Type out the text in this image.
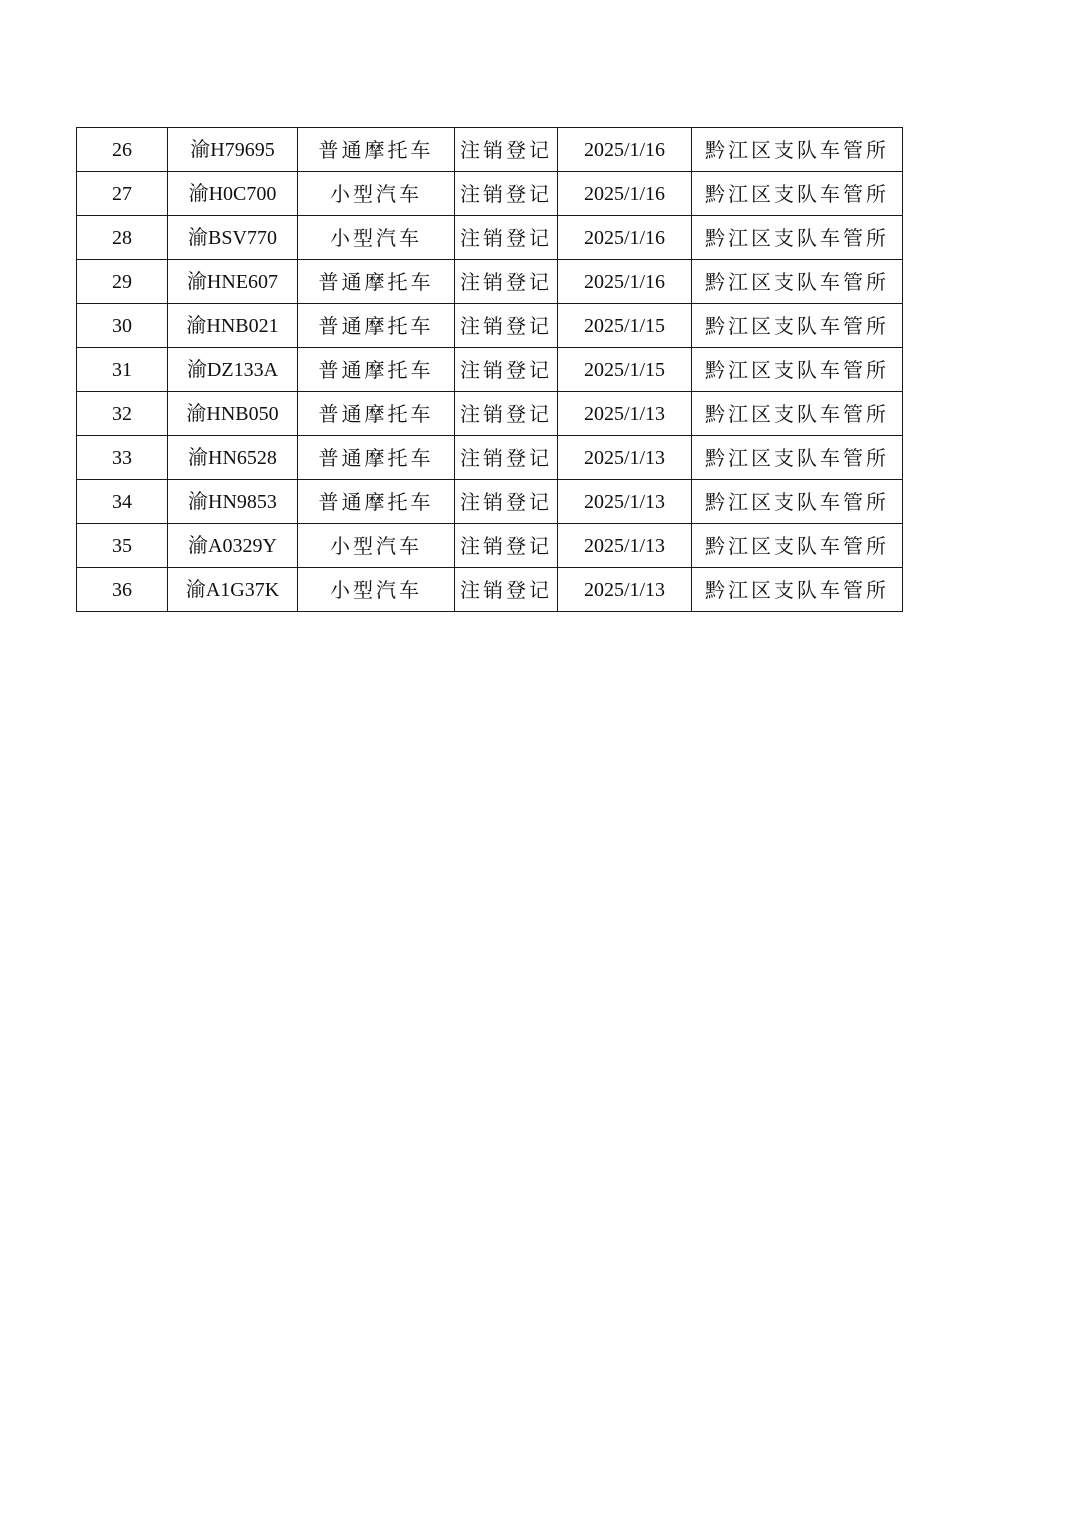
26	渝H79695	普通摩托车	注销登记	2025/1/16	黔江区支队车管所
27	渝H0C700	小型汽车	注销登记	2025/1/16	黔江区支队车管所
28	渝BSV770	小型汽车	注销登记	2025/1/16	黔江区支队车管所
29	渝HNE607	普通摩托车	注销登记	2025/1/16	黔江区支队车管所
30	渝HNB021	普通摩托车	注销登记	2025/1/15	黔江区支队车管所
31	渝DZ133A	普通摩托车	注销登记	2025/1/15	黔江区支队车管所
32	渝HNB050	普通摩托车	注销登记	2025/1/13	黔江区支队车管所
33	渝HN6528	普通摩托车	注销登记	2025/1/13	黔江区支队车管所
34	渝HN9853	普通摩托车	注销登记	2025/1/13	黔江区支队车管所
35	渝A0329Y	小型汽车	注销登记	2025/1/13	黔江区支队车管所
36	渝A1G37K	小型汽车	注销登记	2025/1/13	黔江区支队车管所
